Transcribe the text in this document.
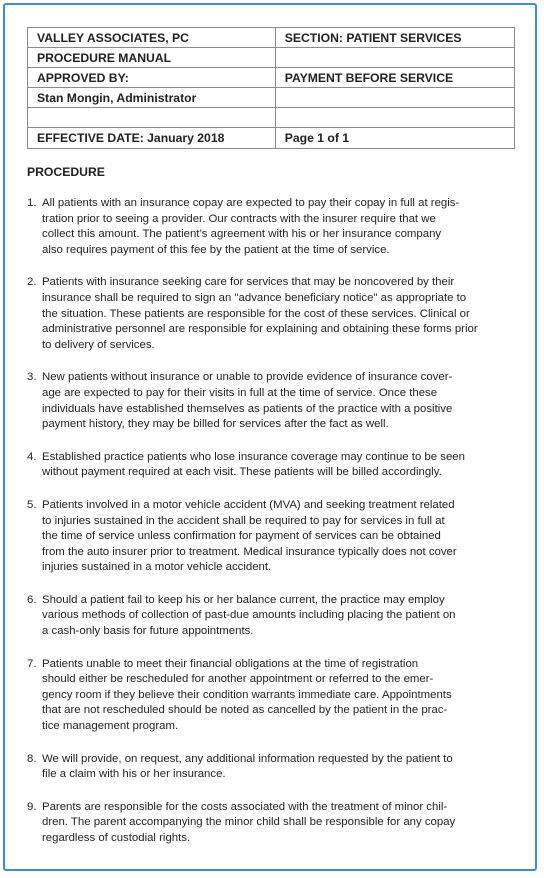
VALLEY ASSOCIATES, PC	SECTION: PATIENT SERVICES
PROCEDURE MANUAL	
APPROVED BY:	PAYMENT BEFORE SERVICE
Stan Mongin, Administrator	

EFFECTIVE DATE: January 2018	Page 1 of 1
PROCEDURE
1. All patients with an insurance copay are expected to pay their copay in full at regis-
tration prior to seeing a provider. Our contracts with the insurer require that we
collect this amount. The patient’s agreement with his or her insurance company
also requires payment of this fee by the patient at the time of service.
2. Patients with insurance seeking care for services that may be noncovered by their
insurance shall be required to sign an "advance beneficiary notice" as appropriate to
the situation. These patients are responsible for the cost of these services. Clinical or
administrative personnel are responsible for explaining and obtaining these forms prior
to delivery of services.
3. New patients without insurance or unable to provide evidence of insurance cover-
age are expected to pay for their visits in full at the time of service. Once these
individuals have established themselves as patients of the practice with a positive
payment history, they may be billed for services after the fact as well.
4. Established practice patients who lose insurance coverage may continue to be seen
without payment required at each visit. These patients will be billed accordingly.
5. Patients involved in a motor vehicle accident (MVA) and seeking treatment related
to injuries sustained in the accident shall be required to pay for services in full at
the time of service unless confirmation for payment of services can be obtained
from the auto insurer prior to treatment. Medical insurance typically does not cover
injuries sustained in a motor vehicle accident.
6. Should a patient fail to keep his or her balance current, the practice may employ
various methods of collection of past-due amounts including placing the patient on
a cash-only basis for future appointments.
7. Patients unable to meet their financial obligations at the time of registration
should either be rescheduled for another appointment or referred to the emer-
gency room if they believe their condition warrants immediate care. Appointments
that are not rescheduled should be noted as cancelled by the patient in the prac-
tice management program.
8. We will provide, on request, any additional information requested by the patient to
file a claim with his or her insurance.
9. Parents are responsible for the costs associated with the treatment of minor chil-
dren. The parent accompanying the minor child shall be responsible for any copay
regardless of custodial rights.
